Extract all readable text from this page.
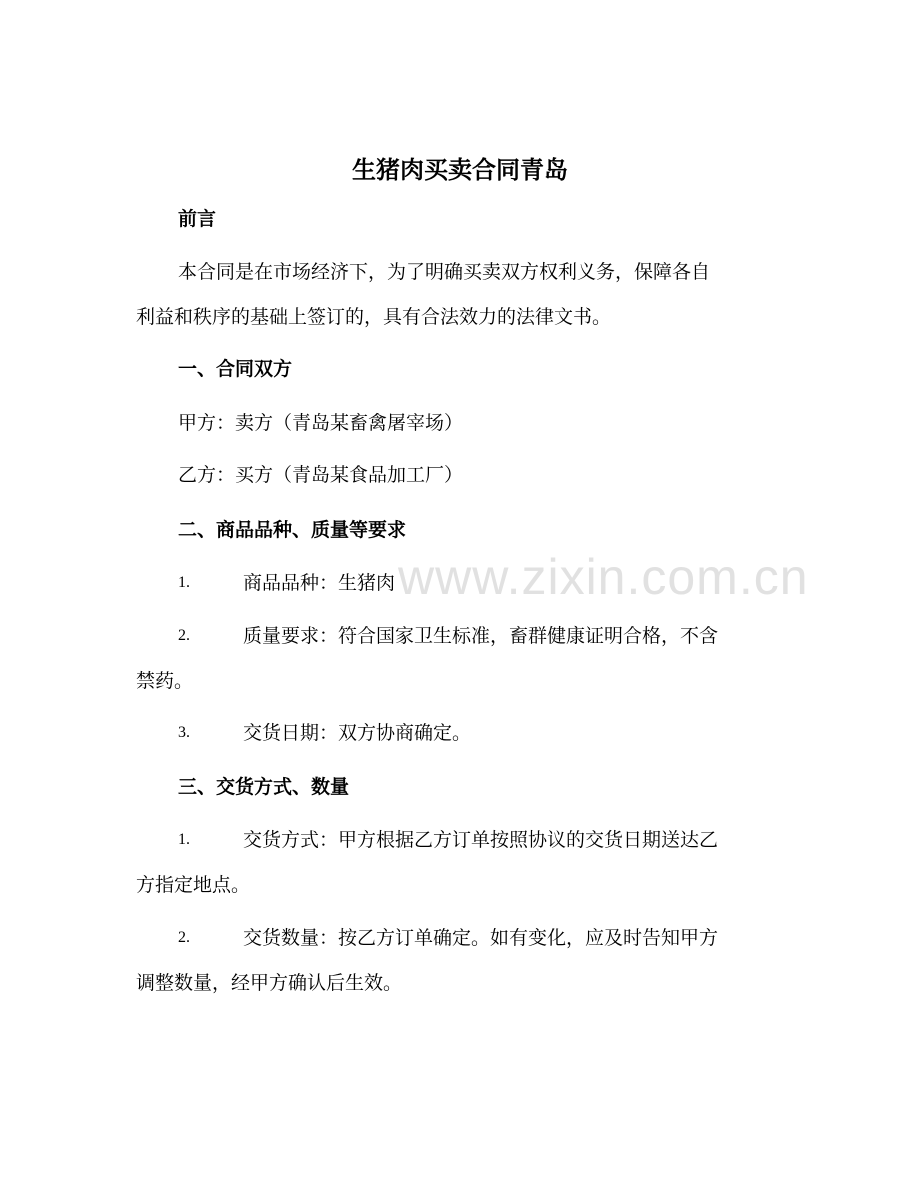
www.zixin.com.cn
生猪肉买卖合同青岛
前言
本合同是在市场经济下，为了明确买卖双方权利义务，保障各自
利益和秩序的基础上签订的，具有合法效力的法律文书。
一、合同双方
甲方：卖方（青岛某畜禽屠宰场）
乙方：买方（青岛某食品加工厂）
二、商品品种、质量等要求
1.	商品品种：生猪肉
2.	质量要求：符合国家卫生标准，畜群健康证明合格，不含
禁药。
3.	交货日期：双方协商确定。
三、交货方式、数量
1.	交货方式：甲方根据乙方订单按照协议的交货日期送达乙
方指定地点。
2.	交货数量：按乙方订单确定。如有变化，应及时告知甲方
调整数量，经甲方确认后生效。
